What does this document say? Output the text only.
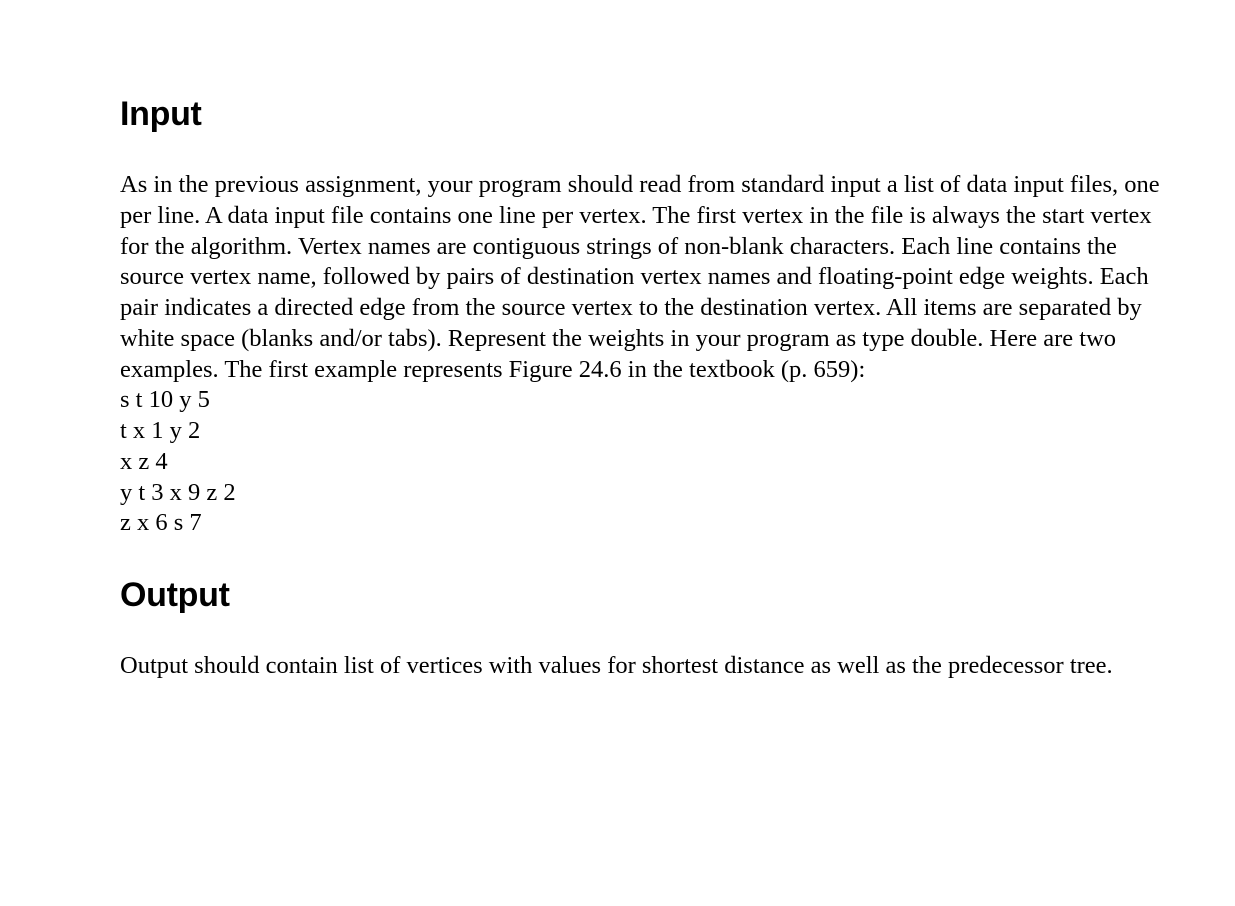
Input

As in the previous assignment, your program should read from standard input a list of data input files, one per line. A data input file contains one line per vertex. The first vertex in the file is always the start vertex for the algorithm. Vertex names are contiguous strings of non-blank characters. Each line contains the source vertex name, followed by pairs of destination vertex names and floating-point edge weights. Each pair indicates a directed edge from the source vertex to the destination vertex. All items are separated by white space (blanks and/or tabs). Represent the weights in your program as type double. Here are two examples. The first example represents Figure 24.6 in the textbook (p. 659):

s t 10 y 5
t x 1 y 2
x z 4
y t 3 x 9 z 2
z x 6 s 7
Output

Output should contain list of vertices with values for shortest distance as well as the predecessor tree.
